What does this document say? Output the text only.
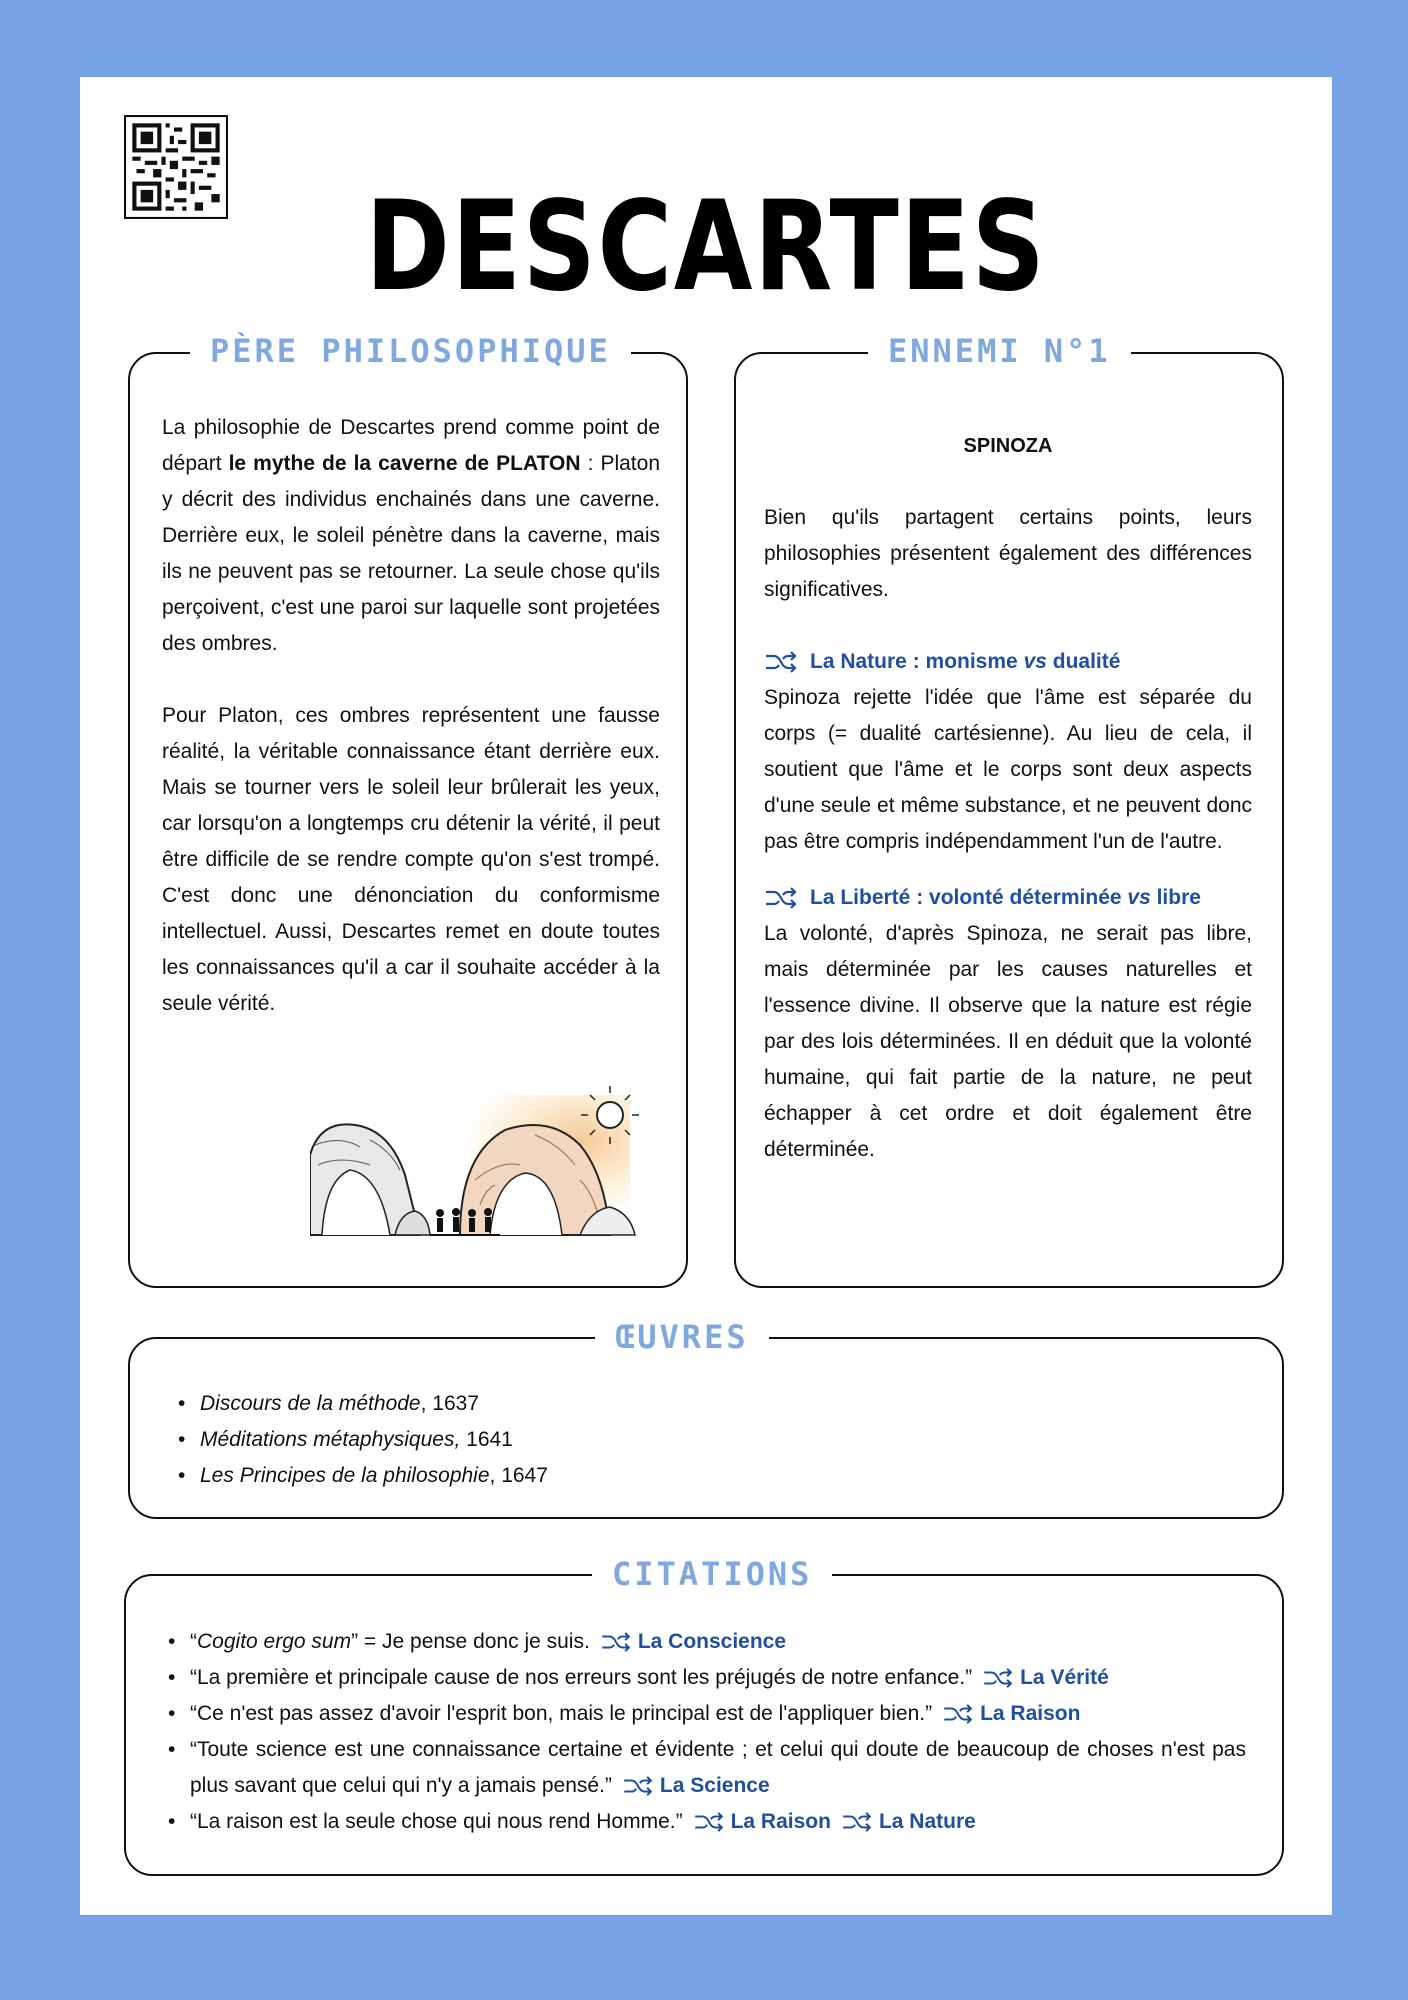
DESCARTES
PÈRE PHILOSOPHIQUE

La philosophie de Descartes prend comme point de départ le mythe de la caverne de PLATON : Platon y décrit des individus enchainés dans une caverne. Derrière eux, le soleil pénètre dans la caverne, mais ils ne peuvent pas se retourner. La seule chose qu'ils perçoivent, c'est une paroi sur laquelle sont projetées des ombres.

Pour Platon, ces ombres représentent une fausse réalité, la véritable connaissance étant derrière eux. Mais se tourner vers le soleil leur brûlerait les yeux, car lorsqu'on a longtemps cru détenir la vérité, il peut être difficile de se rendre compte qu'on s'est trompé. C'est donc une dénonciation du conformisme intellectuel. Aussi, Descartes remet en doute toutes les connaissances qu'il a car il souhaite accéder à la seule vérité.

ENNEMI N°1

SPINOZA

Bien qu'ils partagent certains points, leurs philosophies présentent également des différences significatives.

La Nature : monisme vs dualité

Spinoza rejette l'idée que l'âme est séparée du corps (= dualité cartésienne). Au lieu de cela, il soutient que l'âme et le corps sont deux aspects d'une seule et même substance, et ne peuvent donc pas être compris indépendamment l'un de l'autre.

La Liberté : volonté déterminée vs libre

La volonté, d'après Spinoza, ne serait pas libre, mais déterminée par les causes naturelles et l'essence divine. Il observe que la nature est régie par des lois déterminées. Il en déduit que la volonté humaine, qui fait partie de la nature, ne peut échapper à cet ordre et doit également être déterminée.

ŒUVRES
• Discours de la méthode, 1637
• Méditations métaphysiques, 1641
• Les Principes de la philosophie, 1647
CITATIONS
• “Cogito ergo sum” = Je pense donc je suis. La Conscience
• “La première et principale cause de nos erreurs sont les préjugés de notre enfance.” La Vérité
• “Ce n'est pas assez d'avoir l'esprit bon, mais le principal est de l'appliquer bien.” La Raison
• “Toute science est une connaissance certaine et évidente ; et celui qui doute de beaucoup de choses n'est pas plus savant que celui qui n'y a jamais pensé.” La Science
• “La raison est la seule chose qui nous rend Homme.” La Raison La Nature
